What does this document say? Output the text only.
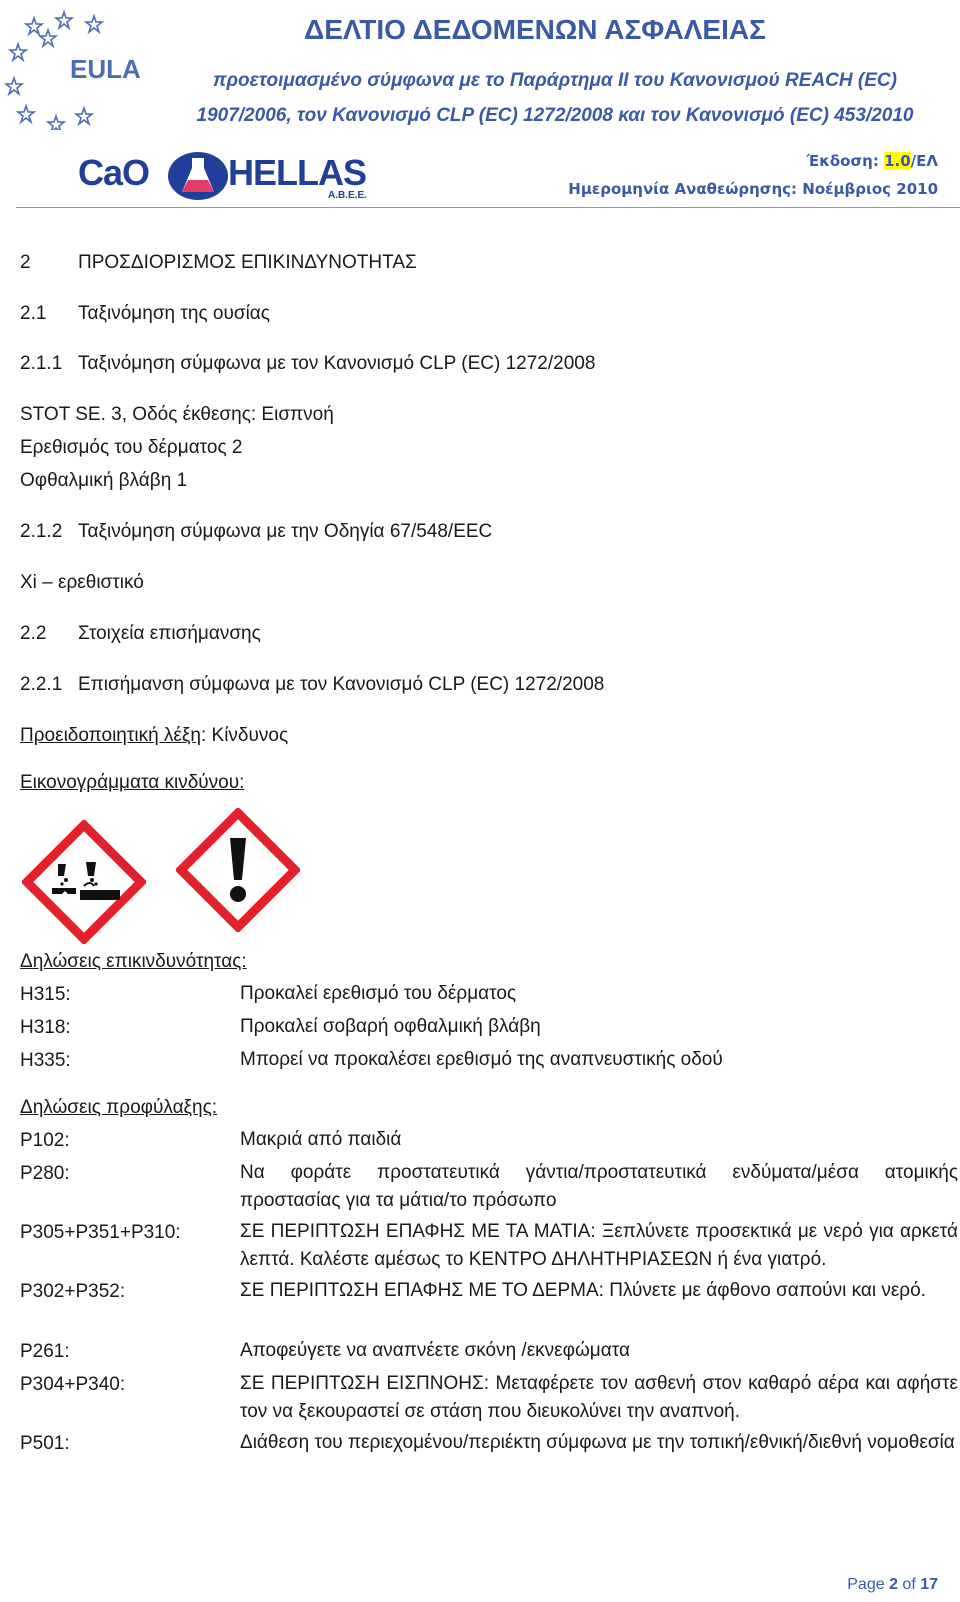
EULA
ΔΕΛΤΙΟ ΔΕΔΟΜΕΝΩΝ ΑΣΦΑΛΕΙΑΣ
προετοιμασμένο σύμφωνα με το Παράρτημα II του Κανονισμού REACH (EC)
1907/2006, τον Κανονισμό CLP (EC) 1272/2008 και τον Κανονισμό (EC) 453/2010
CaO HELLAS
A.B.E.E.
Έκδοση: 1.0/ΕΛ
Ημερομηνία Αναθεώρησης: Νοέμβριος 2010
2 ΠΡΟΣΔΙΟΡΙΣΜΟΣ ΕΠΙΚΙΝΔΥΝΟΤΗΤΑΣ
2.1 Ταξινόμηση της ουσίας
2.1.1 Ταξινόμηση σύμφωνα με τον Κανονισμό CLP (EC) 1272/2008
STOT SE. 3, Οδός έκθεσης: Εισπνοή
Ερεθισμός του δέρματος 2
Οφθαλμική βλάβη 1
2.1.2 Ταξινόμηση σύμφωνα με την Οδηγία 67/548/EEC
Xi – ερεθιστικό
2.2 Στοιχεία επισήμανσης
2.2.1 Επισήμανση σύμφωνα με τον Κανονισμό CLP (EC) 1272/2008
Προειδοποιητική λέξη: Κίνδυνος
Εικονογράμματα κινδύνου:
Δηλώσεις επικινδυνότητας:
H315:	Προκαλεί ερεθισμό του δέρματος
H318:	Προκαλεί σοβαρή οφθαλμική βλάβη
H335:	Μπορεί να προκαλέσει ερεθισμό της αναπνευστικής οδού
Δηλώσεις προφύλαξης:
P102:	Μακριά από παιδιά
P280:	Να φοράτε προστατευτικά γάντια/προστατευτικά ενδύματα/μέσα ατομικής προστασίας για τα μάτια/το πρόσωπο
P305+P351+P310:	ΣΕ ΠΕΡΙΠΤΩΣΗ ΕΠΑΦΗΣ ΜΕ ΤΑ ΜΑΤΙΑ: Ξεπλύνετε προσεκτικά με νερό για αρκετά λεπτά. Καλέστε αμέσως το ΚΕΝΤΡΟ ΔΗΛΗΤΗΡΙΑΣΕΩΝ ή ένα γιατρό.
P302+P352:	ΣΕ ΠΕΡΙΠΤΩΣΗ ΕΠΑΦΗΣ ΜΕ ΤΟ ΔΕΡΜΑ: Πλύνετε με άφθονο σαπούνι και νερό.
P261:	Αποφεύγετε να αναπνέετε σκόνη /εκνεφώματα
P304+P340:	ΣΕ ΠΕΡΙΠΤΩΣΗ ΕΙΣΠΝΟΗΣ: Μεταφέρετε τον ασθενή στον καθαρό αέρα και αφήστε τον να ξεκουραστεί σε στάση που διευκολύνει την αναπνοή.
P501:	Διάθεση του περιεχομένου/περιέκτη σύμφωνα με την τοπική/εθνική/διεθνή νομοθεσία
Page 2 of 17
